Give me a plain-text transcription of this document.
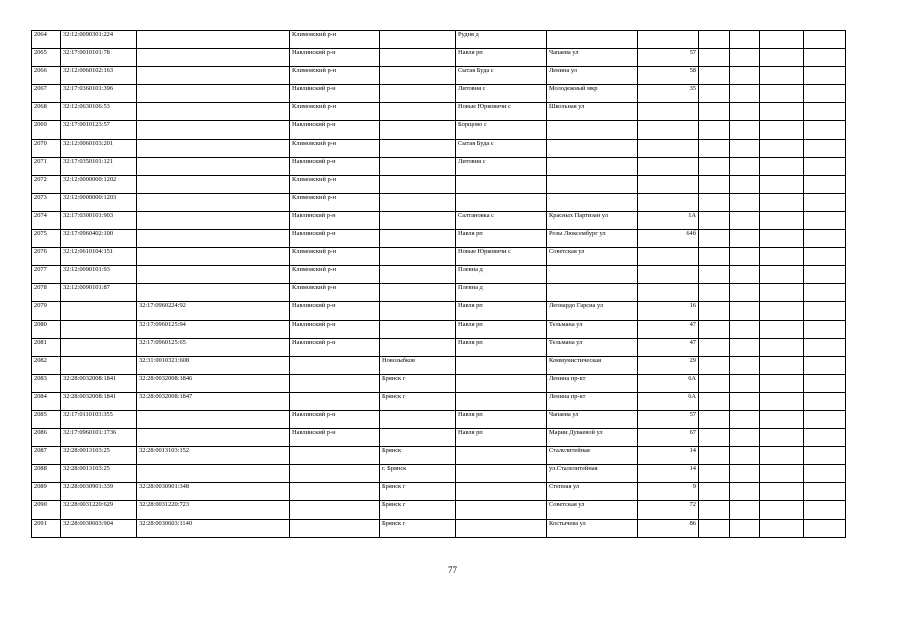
2064	32:12:0090301:224		Климовский р-н		Рудня д						
2065	32:17:0010101:78		Навлинский р-н		Навля рп	Чапаева ул	57				
2066	32:12:0060102:163		Климовский р-н		Сытая Буда с	Ленина ул	58				
2067	32:17:0360101:396		Навлинский р-н		Литовня с	Молодежный мкр	35				
2068	32:12:0630106:53		Климовский р-н		Новые Юрковичи с	Школьная ул					
2069	32:17:0010123:57		Навлинский р-н		Борщово с						
2070	32:12:0060103:201		Климовский р-н		Сытая Буда с						
2071	32:17:0350101:121		Навлинский р-н		Литовня с						
2072	32:12:0000000:1202		Климовский р-н								
2073	32:12:0000000:1203		Климовский р-н								
2074	32:17:0300101:903		Навлинский р-н		Салтановка с	Красных Партизан ул	1А				
2075	32:17:0960402:100		Навлинский р-н		Навля рп	Розы Люксембург ул	64б				
2076	32:12:0610104:151		Климовский р-н		Новые Юрковичи с	Советская ул					
2077	32:12:0090101:93		Климовский р-н		Плевна д						
2078	32:12:0090101:87		Климовский р-н		Плевна д						
2079		32:17:0960224:92	Навлинский р-н		Навля рп	Леонардо Гарсиа ул	16				
2080		32:17:0960125:94	Навлинский р-н		Навля рп	Тельмана ул	47				
2081		32:17:0960125:65	Навлинский р-н		Навля рп	Тельмана ул	47				
2082		32:31:0010321:608		Новозыбков		Коммунистическая	29				
2083	32:28:0032008:1841	32:28:0032008:1846		Брянск г		Ленина пр-кт	6А				
2084	32:28:0032008:1841	32:28:0032008:1847		Брянск г		Ленина пр-кт	6А				
2085	32:17:0110103:355		Навлинский р-н		Навля рп	Чапаева ул	57				
2086	32:17:0960101:1736		Навлинский р-н		Навля рп	Марии Дуваевой ул	67				
2087	32:28:0013103:25	32:28:0013103:152		Брянск		Сталелитейная	14				
2088	32:28:0013103:25			г. Брянск		ул.Сталелитейная	14				
2089	32:28:0030901:339	32:28:0030901:348		Брянск г		Степная ул	9				
2090	32:28:0031220:629	32:28:0031220:723		Брянск г		Советская ул	72				
2091	32:28:0030603:904	32:28:0030603:1140		Брянск г		Костычева ул	86				
77
